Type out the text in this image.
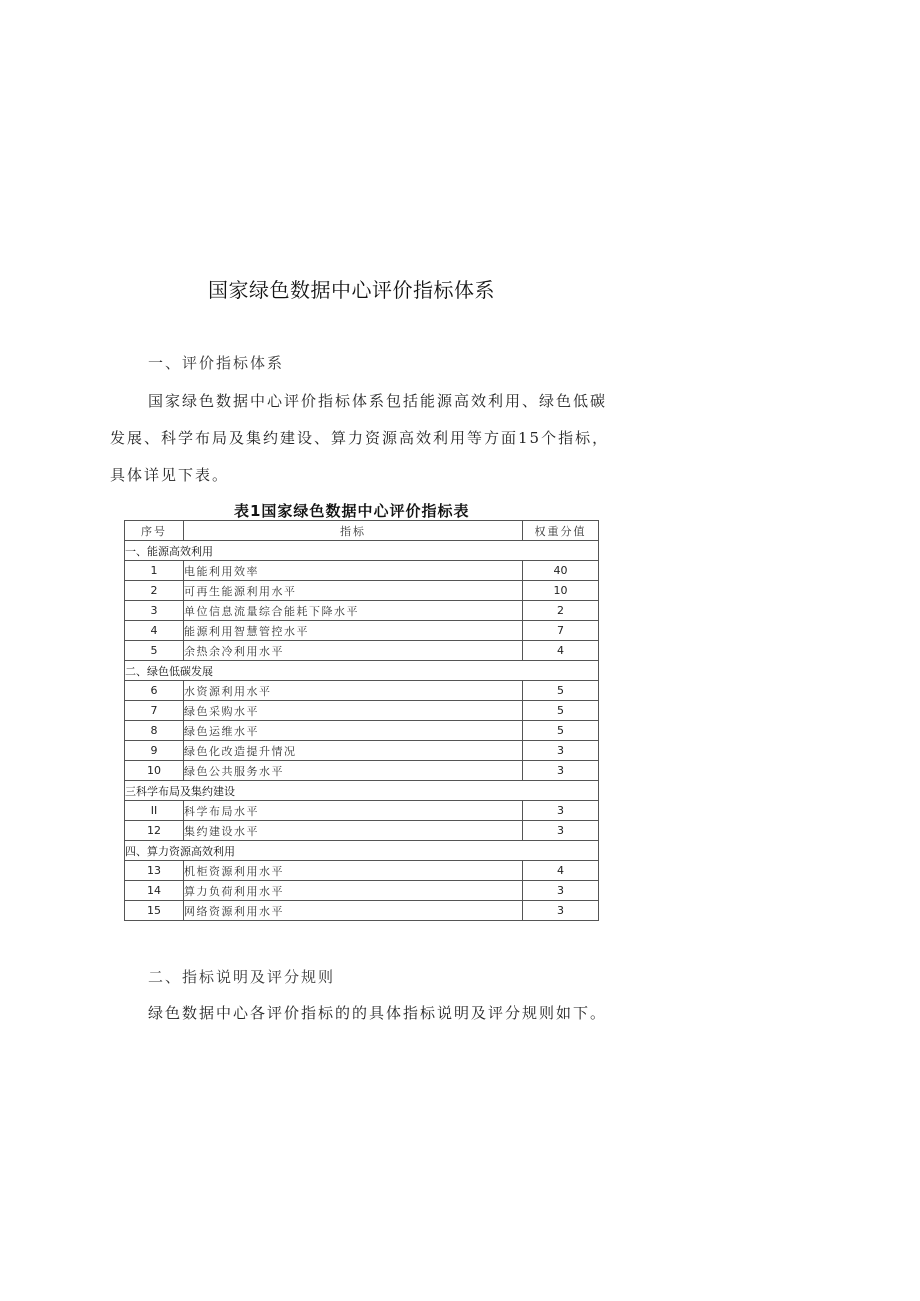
国家绿色数据中心评价指标体系
一、评价指标体系
国家绿色数据中心评价指标体系包括能源高效利用、绿色低碳发展、科学布局及集约建设、算力资源高效利用等方面15个指标，具体详见下表。
表1国家绿色数据中心评价指标表
序号	指标	权重分值
一、能源高效利用		
1	电能利用效率	40
2	可再生能源利用水平	10
3	单位信息流量综合能耗下降水平	2
4	能源利用智慧管控水平	7
5	余热余冷利用水平	4
二、绿色低碳发展		
6	水资源利用水平	5
7	绿色采购水平	5
8	绿色运维水平	5
9	绿色化改造提升情况	3
10	绿色公共服务水平	3
三科学布局及集约建设		
II	科学布局水平	3
12	集约建设水平	3
四、算力资源高效利用		
13	机柜资源利用水平	4
14	算力负荷利用水平	3
15	网络资源利用水平	3
二、指标说明及评分规则
绿色数据中心各评价指标的的具体指标说明及评分规则如下。
